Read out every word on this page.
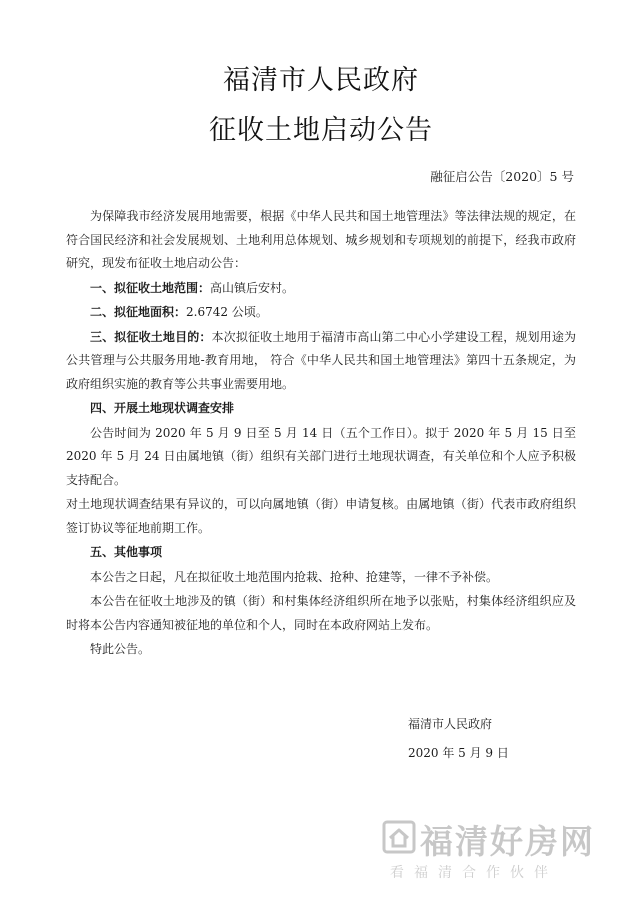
福清市人民政府
征收土地启动公告
融征启公告〔2020〕5 号

为保障我市经济发展用地需要，根据《中华人民共和国土地管理法》等法律法规的规定，在符合国民经济和社会发展规划、土地利用总体规划、城乡规划和专项规划的前提下，经我市政府研究，现发布征收土地启动公告：

一、拟征收土地范围：高山镇后安村。

二、拟征地面积：2.6742 公顷。

三、拟征收土地目的：本次拟征收土地用于福清市高山第二中心小学建设工程，规划用途为公共管理与公共服务用地-教育用地， 符合《中华人民共和国土地管理法》第四十五条规定，为政府组织实施的教育等公共事业需要用地。

四、开展土地现状调查安排

公告时间为 2020 年 5 月 9 日至 5 月 14 日（五个工作日）。拟于 2020 年 5 月 15 日至 2020 年 5 月 24 日由属地镇（街）组织有关部门进行土地现状调查，有关单位和个人应予积极支持配合。

对土地现状调查结果有异议的，可以向属地镇（街）申请复核。由属地镇（街）代表市政府组织签订协议等征地前期工作。

五、其他事项

本公告之日起，凡在拟征收土地范围内抢栽、抢种、抢建等，一律不予补偿。

本公告在征收土地涉及的镇（街）和村集体经济组织所在地予以张贴，村集体经济组织应及时将本公告内容通知被征地的单位和个人，同时在本政府网站上发布。

特此公告。

福清市人民政府
2020 年 5 月 9 日
福清好房网
看福清合作伙伴
